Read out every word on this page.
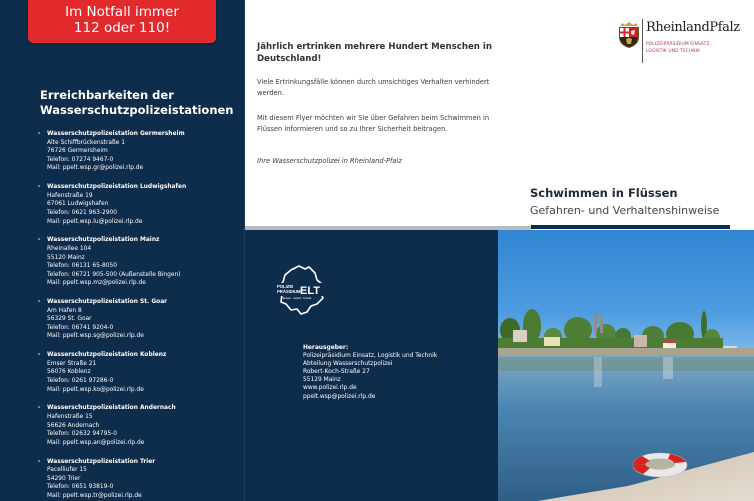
Im Notfall immer
112 oder 110!
Erreichbarkeiten der
Wasserschutzpolizeistationen
- Wasserschutzpolizeistation Germersheim
Alte Schiffbrückenstraße 1
76726 Germersheim
Telefon: 07274 9467-0
Mail: ppelt.wsp.gr@polizei.rlp.de
- Wasserschutzpolizeistation Ludwigshafen
Hafenstraße 19
67061 Ludwigshafen
Telefon: 0621 963-2900
Mail: ppelt.wsp.lu@polizei.rlp.de
- Wasserschutzpolizeistation Mainz
Rheinallee 104
55120 Mainz
Telefon: 06131 65-8050
Telefon: 06721 905-500 (Außenstelle Bingen)
Mail: ppelt.wsp.mz@polizei.rlp.de
- Wasserschutzpolizeistation St. Goar
Am Hafen 8
56329 St. Goar
Telefon: 06741 9204-0
Mail: ppelt.wsp.sg@polizei.rlp.de
- Wasserschutzpolizeistation Koblenz
Emser Straße 21
56076 Koblenz
Telefon: 0261 97286-0
Mail: ppelt.wsp.ko@polizei.rlp.de
- Wasserschutzpolizeistation Andernach
Hafenstraße 15
56626 Andernach
Telefon: 02632 94795-0
Mail: ppelt.wsp.an@polizei.rlp.de
- Wasserschutzpolizeistation Trier
Pacelliufer 15
54290 Trier
Telefon: 0651 93819-0
Mail: ppelt.wsp.tr@polizei.rlp.de
Jährlich ertrinken mehrere Hundert Menschen in Deutschland!
Viele Ertrinkungsfälle können durch umsichtiges Verhalten verhindert werden.
Mit diesem Flyer möchten wir Sie über Gefahren beim Schwimmen in Flüssen informieren und so zu Ihrer Sicherheit beitragen.
Ihre Wasserschutzpolizei in Rheinland-Pfalz
RheinlandPfalz
POLIZEIPRÄSIDIUM EINSATZ,
LOGISTIK UND TECHNIK
Schwimmen in Flüssen
Gefahren- und Verhaltenshinweise
POLIZEI
PRÄSIDIUM ELT
Einsatz · Logistik · Technik
Herausgeber:
Polizeipräsidium Einsatz, Logistik und Technik
Abteilung Wasserschutzpolizei
Robert-Koch-Straße 27
55129 Mainz
www.polizei.rlp.de
ppelt.wsp@polizei.rlp.de
